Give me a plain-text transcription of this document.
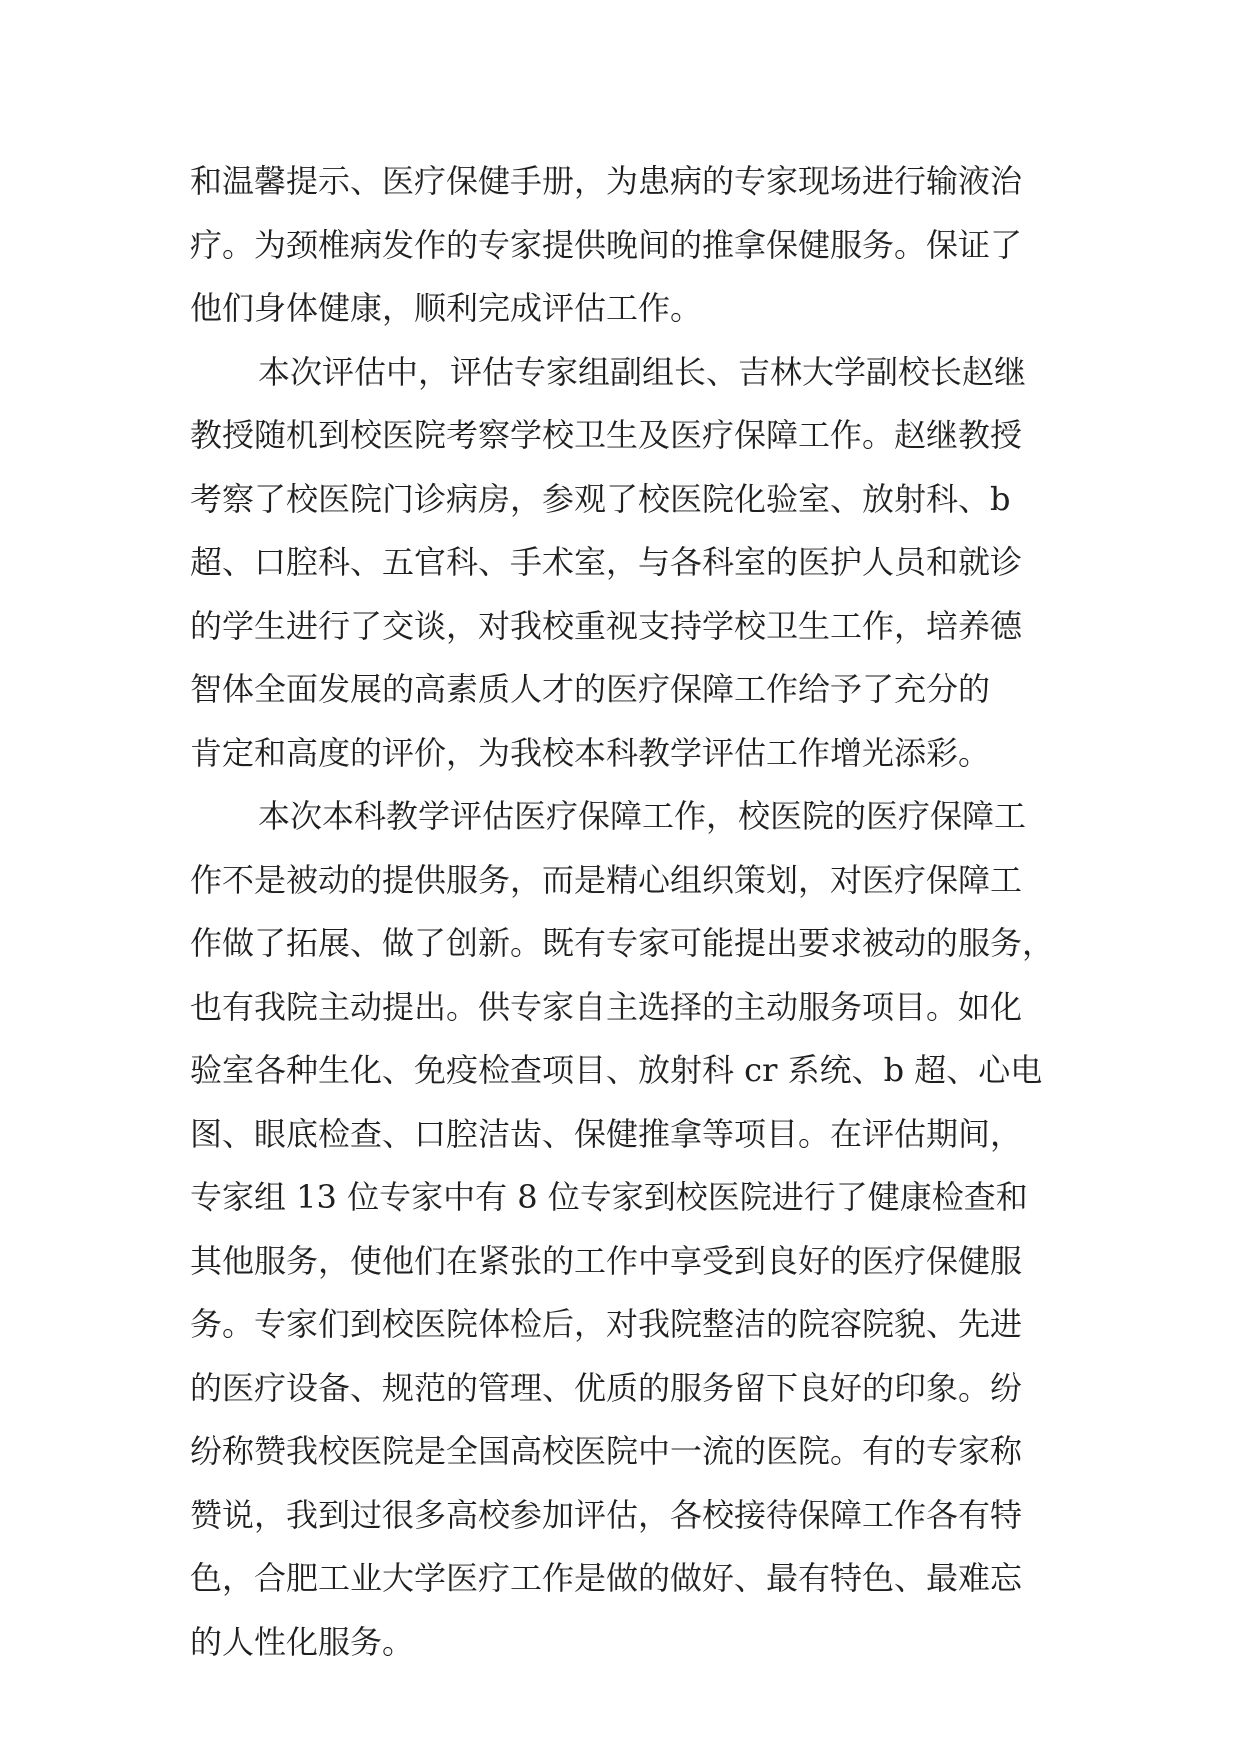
和温馨提示、医疗保健手册，为患病的专家现场进行输液治
疗。为颈椎病发作的专家提供晚间的推拿保健服务。保证了
他们身体健康，顺利完成评估工作。
本次评估中，评估专家组副组长、吉林大学副校长赵继
教授随机到校医院考察学校卫生及医疗保障工作。赵继教授
考察了校医院门诊病房，参观了校医院化验室、放射科、b
超、口腔科、五官科、手术室，与各科室的医护人员和就诊
的学生进行了交谈，对我校重视支持学校卫生工作，培养德
智体全面发展的高素质人才的医疗保障工作给予了充分的
肯定和高度的评价，为我校本科教学评估工作增光添彩。
本次本科教学评估医疗保障工作，校医院的医疗保障工
作不是被动的提供服务，而是精心组织策划，对医疗保障工
作做了拓展、做了创新。既有专家可能提出要求被动的服务，
也有我院主动提出。供专家自主选择的主动服务项目。如化
验室各种生化、免疫检查项目、放射科 cr 系统、b 超、心电
图、眼底检查、口腔洁齿、保健推拿等项目。在评估期间，
专家组 13 位专家中有 8 位专家到校医院进行了健康检查和
其他服务，使他们在紧张的工作中享受到良好的医疗保健服
务。专家们到校医院体检后，对我院整洁的院容院貌、先进
的医疗设备、规范的管理、优质的服务留下良好的印象。纷
纷称赞我校医院是全国高校医院中一流的医院。有的专家称
赞说，我到过很多高校参加评估，各校接待保障工作各有特
色，合肥工业大学医疗工作是做的做好、最有特色、最难忘
的人性化服务。
